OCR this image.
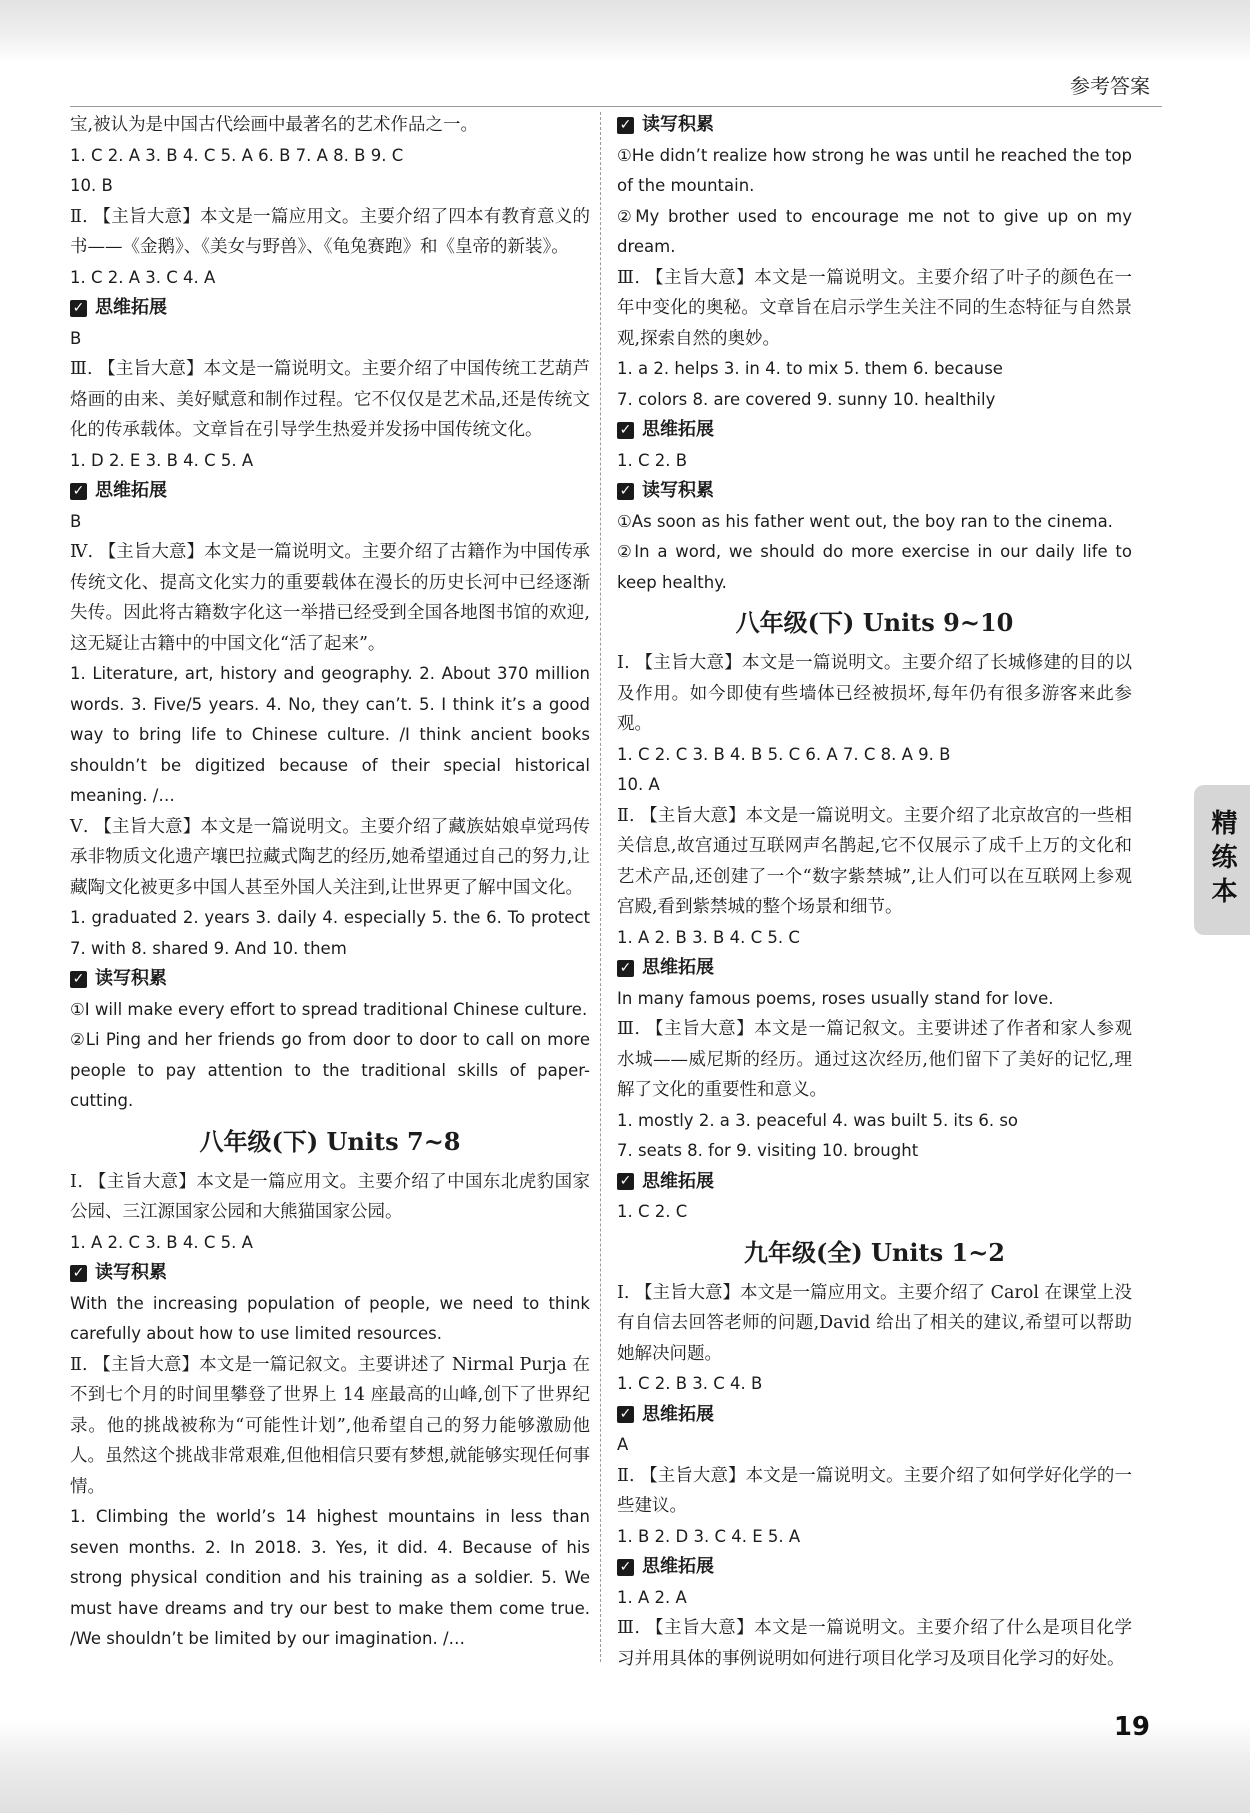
参考答案

宝,被认为是中国古代绘画中最著名的艺术作品之一。

1. C 2. A 3. B 4. C 5. A 6. B 7. A 8. B 9. C

10. B

Ⅱ. 【主旨大意】本文是一篇应用文。主要介绍了四本有教育意义的书——《金鹅》、《美女与野兽》、《龟兔赛跑》和《皇帝的新装》。

1. C 2. A 3. C 4. A

✓ 思维拓展

B

Ⅲ. 【主旨大意】本文是一篇说明文。主要介绍了中国传统工艺葫芦烙画的由来、美好赋意和制作过程。它不仅仅是艺术品,还是传统文化的传承载体。文章旨在引导学生热爱并发扬中国传统文化。

1. D 2. E 3. B 4. C 5. A

✓ 思维拓展

B

Ⅳ. 【主旨大意】本文是一篇说明文。主要介绍了古籍作为中国传承传统文化、提高文化实力的重要载体在漫长的历史长河中已经逐渐失传。因此将古籍数字化这一举措已经受到全国各地图书馆的欢迎,这无疑让古籍中的中国文化“活了起来”。

1. Literature, art, history and geography. 2. About 370 million words. 3. Five/5 years. 4. No, they can’t. 5. I think it’s a good way to bring life to Chinese culture. /I think ancient books shouldn’t be digitized because of their special historical meaning. /…

Ⅴ. 【主旨大意】本文是一篇说明文。主要介绍了藏族姑娘卓觉玛传承非物质文化遗产壤巴拉藏式陶艺的经历,她希望通过自己的努力,让藏陶文化被更多中国人甚至外国人关注到,让世界更了解中国文化。

1. graduated 2. years 3. daily 4. especially 5. the 6. To protect 7. with 8. shared 9. And 10. them

✓ 读写积累

①I will make every effort to spread traditional Chinese culture.

②Li Ping and her friends go from door to door to call on more people to pay attention to the traditional skills of paper-cutting.

八年级(下) Units 7~8

Ⅰ. 【主旨大意】本文是一篇应用文。主要介绍了中国东北虎豹国家公园、三江源国家公园和大熊猫国家公园。

1. A 2. C 3. B 4. C 5. A

✓ 读写积累

With the increasing population of people, we need to think carefully about how to use limited resources.

Ⅱ. 【主旨大意】本文是一篇记叙文。主要讲述了 Nirmal Purja 在不到七个月的时间里攀登了世界上 14 座最高的山峰,创下了世界纪录。他的挑战被称为“可能性计划”,他希望自己的努力能够激励他人。虽然这个挑战非常艰难,但他相信只要有梦想,就能够实现任何事情。

1. Climbing the world’s 14 highest mountains in less than seven months. 2. In 2018. 3. Yes, it did. 4. Because of his strong physical condition and his training as a soldier. 5. We must have dreams and try our best to make them come true. /We shouldn’t be limited by our imagination. /…

✓ 读写积累

①He didn’t realize how strong he was until he reached the top of the mountain.

②My brother used to encourage me not to give up on my dream.

Ⅲ. 【主旨大意】本文是一篇说明文。主要介绍了叶子的颜色在一年中变化的奥秘。文章旨在启示学生关注不同的生态特征与自然景观,探索自然的奥妙。

1. a 2. helps 3. in 4. to mix 5. them 6. because

7. colors 8. are covered 9. sunny 10. healthily

✓ 思维拓展

1. C 2. B

✓ 读写积累

①As soon as his father went out, the boy ran to the cinema.

②In a word, we should do more exercise in our daily life to keep healthy.

八年级(下) Units 9~10

Ⅰ. 【主旨大意】本文是一篇说明文。主要介绍了长城修建的目的以及作用。如今即使有些墙体已经被损坏,每年仍有很多游客来此参观。

1. C 2. C 3. B 4. B 5. C 6. A 7. C 8. A 9. B

10. A

Ⅱ. 【主旨大意】本文是一篇说明文。主要介绍了北京故宫的一些相关信息,故宫通过互联网声名鹊起,它不仅展示了成千上万的文化和艺术产品,还创建了一个“数字紫禁城”,让人们可以在互联网上参观宫殿,看到紫禁城的整个场景和细节。

1. A 2. B 3. B 4. C 5. C

✓ 思维拓展

In many famous poems, roses usually stand for love.

Ⅲ. 【主旨大意】本文是一篇记叙文。主要讲述了作者和家人参观水城——威尼斯的经历。通过这次经历,他们留下了美好的记忆,理解了文化的重要性和意义。

1. mostly 2. a 3. peaceful 4. was built 5. its 6. so

7. seats 8. for 9. visiting 10. brought

✓ 思维拓展

1. C 2. C

九年级(全) Units 1~2

Ⅰ. 【主旨大意】本文是一篇应用文。主要介绍了 Carol 在课堂上没有自信去回答老师的问题,David 给出了相关的建议,希望可以帮助她解决问题。

1. C 2. B 3. C 4. B

✓ 思维拓展

A

Ⅱ. 【主旨大意】本文是一篇说明文。主要介绍了如何学好化学的一些建议。

1. B 2. D 3. C 4. E 5. A

✓ 思维拓展

1. A 2. A

Ⅲ. 【主旨大意】本文是一篇说明文。主要介绍了什么是项目化学习并用具体的事例说明如何进行项目化学习及项目化学习的好处。

精练本
19
